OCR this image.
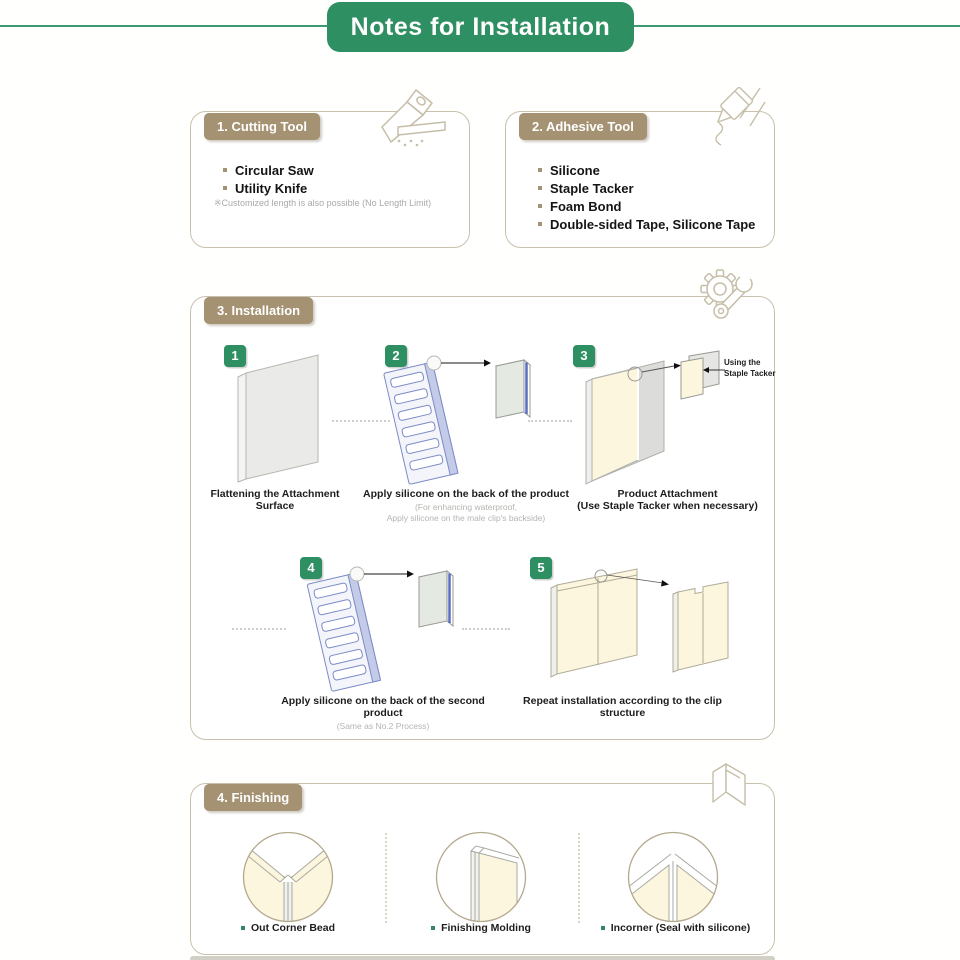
Notes for Installation
1. Cutting Tool
Circular Saw
Utility Knife
※Customized length is also possible (No Length Limit)
2. Adhesive Tool
Silicone
Staple Tacker
Foam Bond
Double-sided Tape, Silicone Tape
3. Installation
1	2	3	Using the
Staple Tacker
Flattening the Attachment Surface
Apply silicone on the back of the product
(For enhancing waterproof,
Apply silicone on the male clip's backside)
Product Attachment
(Use Staple Tacker when necessary)
4	5
Apply silicone on the back of the second product
(Same as No.2 Process)
Repeat installation according to the clip structure
4. Finishing
Out Corner Bead	Finishing Molding	Incorner (Seal with silicone)
